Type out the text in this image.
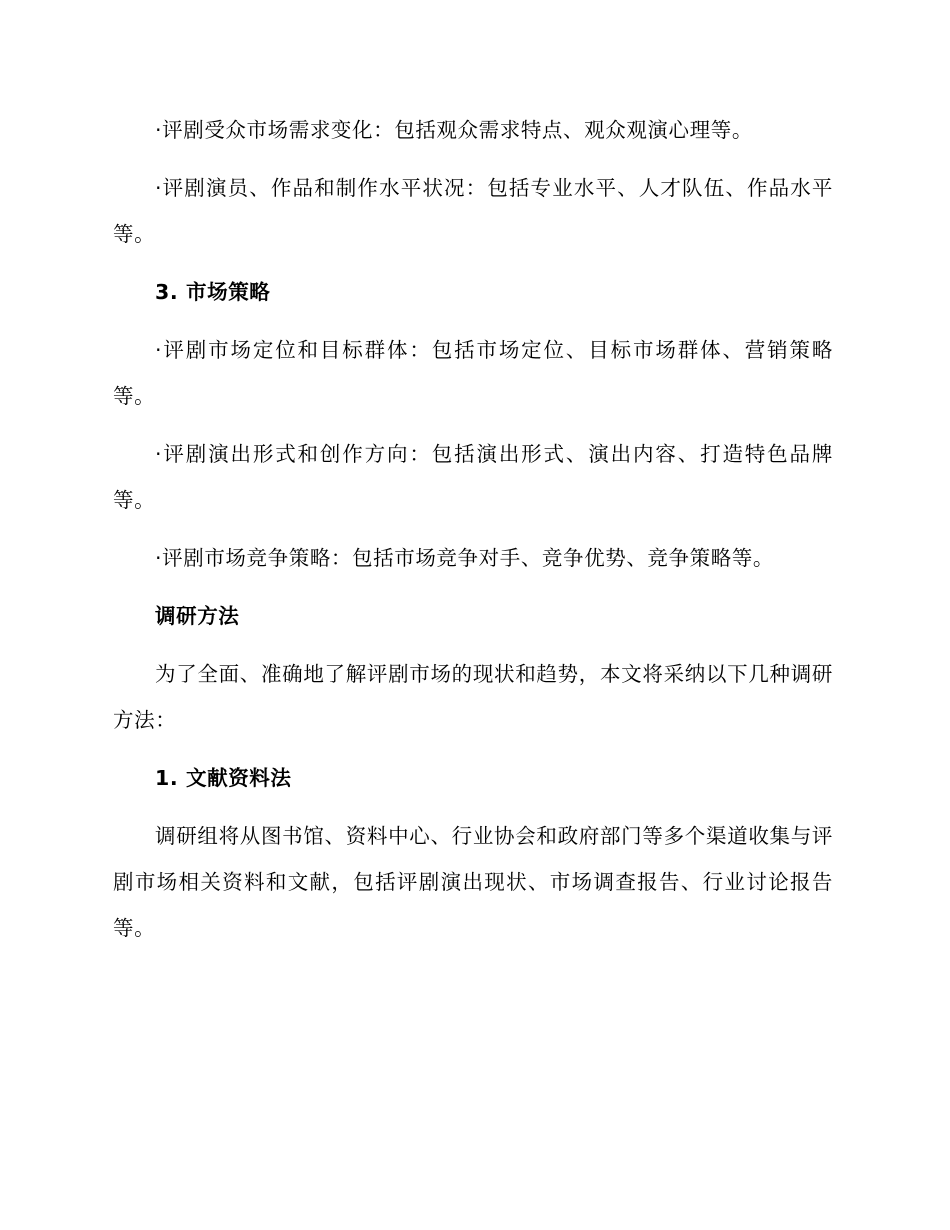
·评剧受众市场需求变化：包括观众需求特点、观众观演心理等。

·评剧演员、作品和制作水平状况：包括专业水平、人才队伍、作品水平等。

3. 市场策略

·评剧市场定位和目标群体：包括市场定位、目标市场群体、营销策略等。

·评剧演出形式和创作方向：包括演出形式、演出内容、打造特色品牌等。

·评剧市场竞争策略：包括市场竞争对手、竞争优势、竞争策略等。

调研方法

为了全面、准确地了解评剧市场的现状和趋势，本文将采纳以下几种调研方法：

1. 文献资料法

调研组将从图书馆、资料中心、行业协会和政府部门等多个渠道收集与评剧市场相关资料和文献，包括评剧演出现状、市场调查报告、行业讨论报告等。
